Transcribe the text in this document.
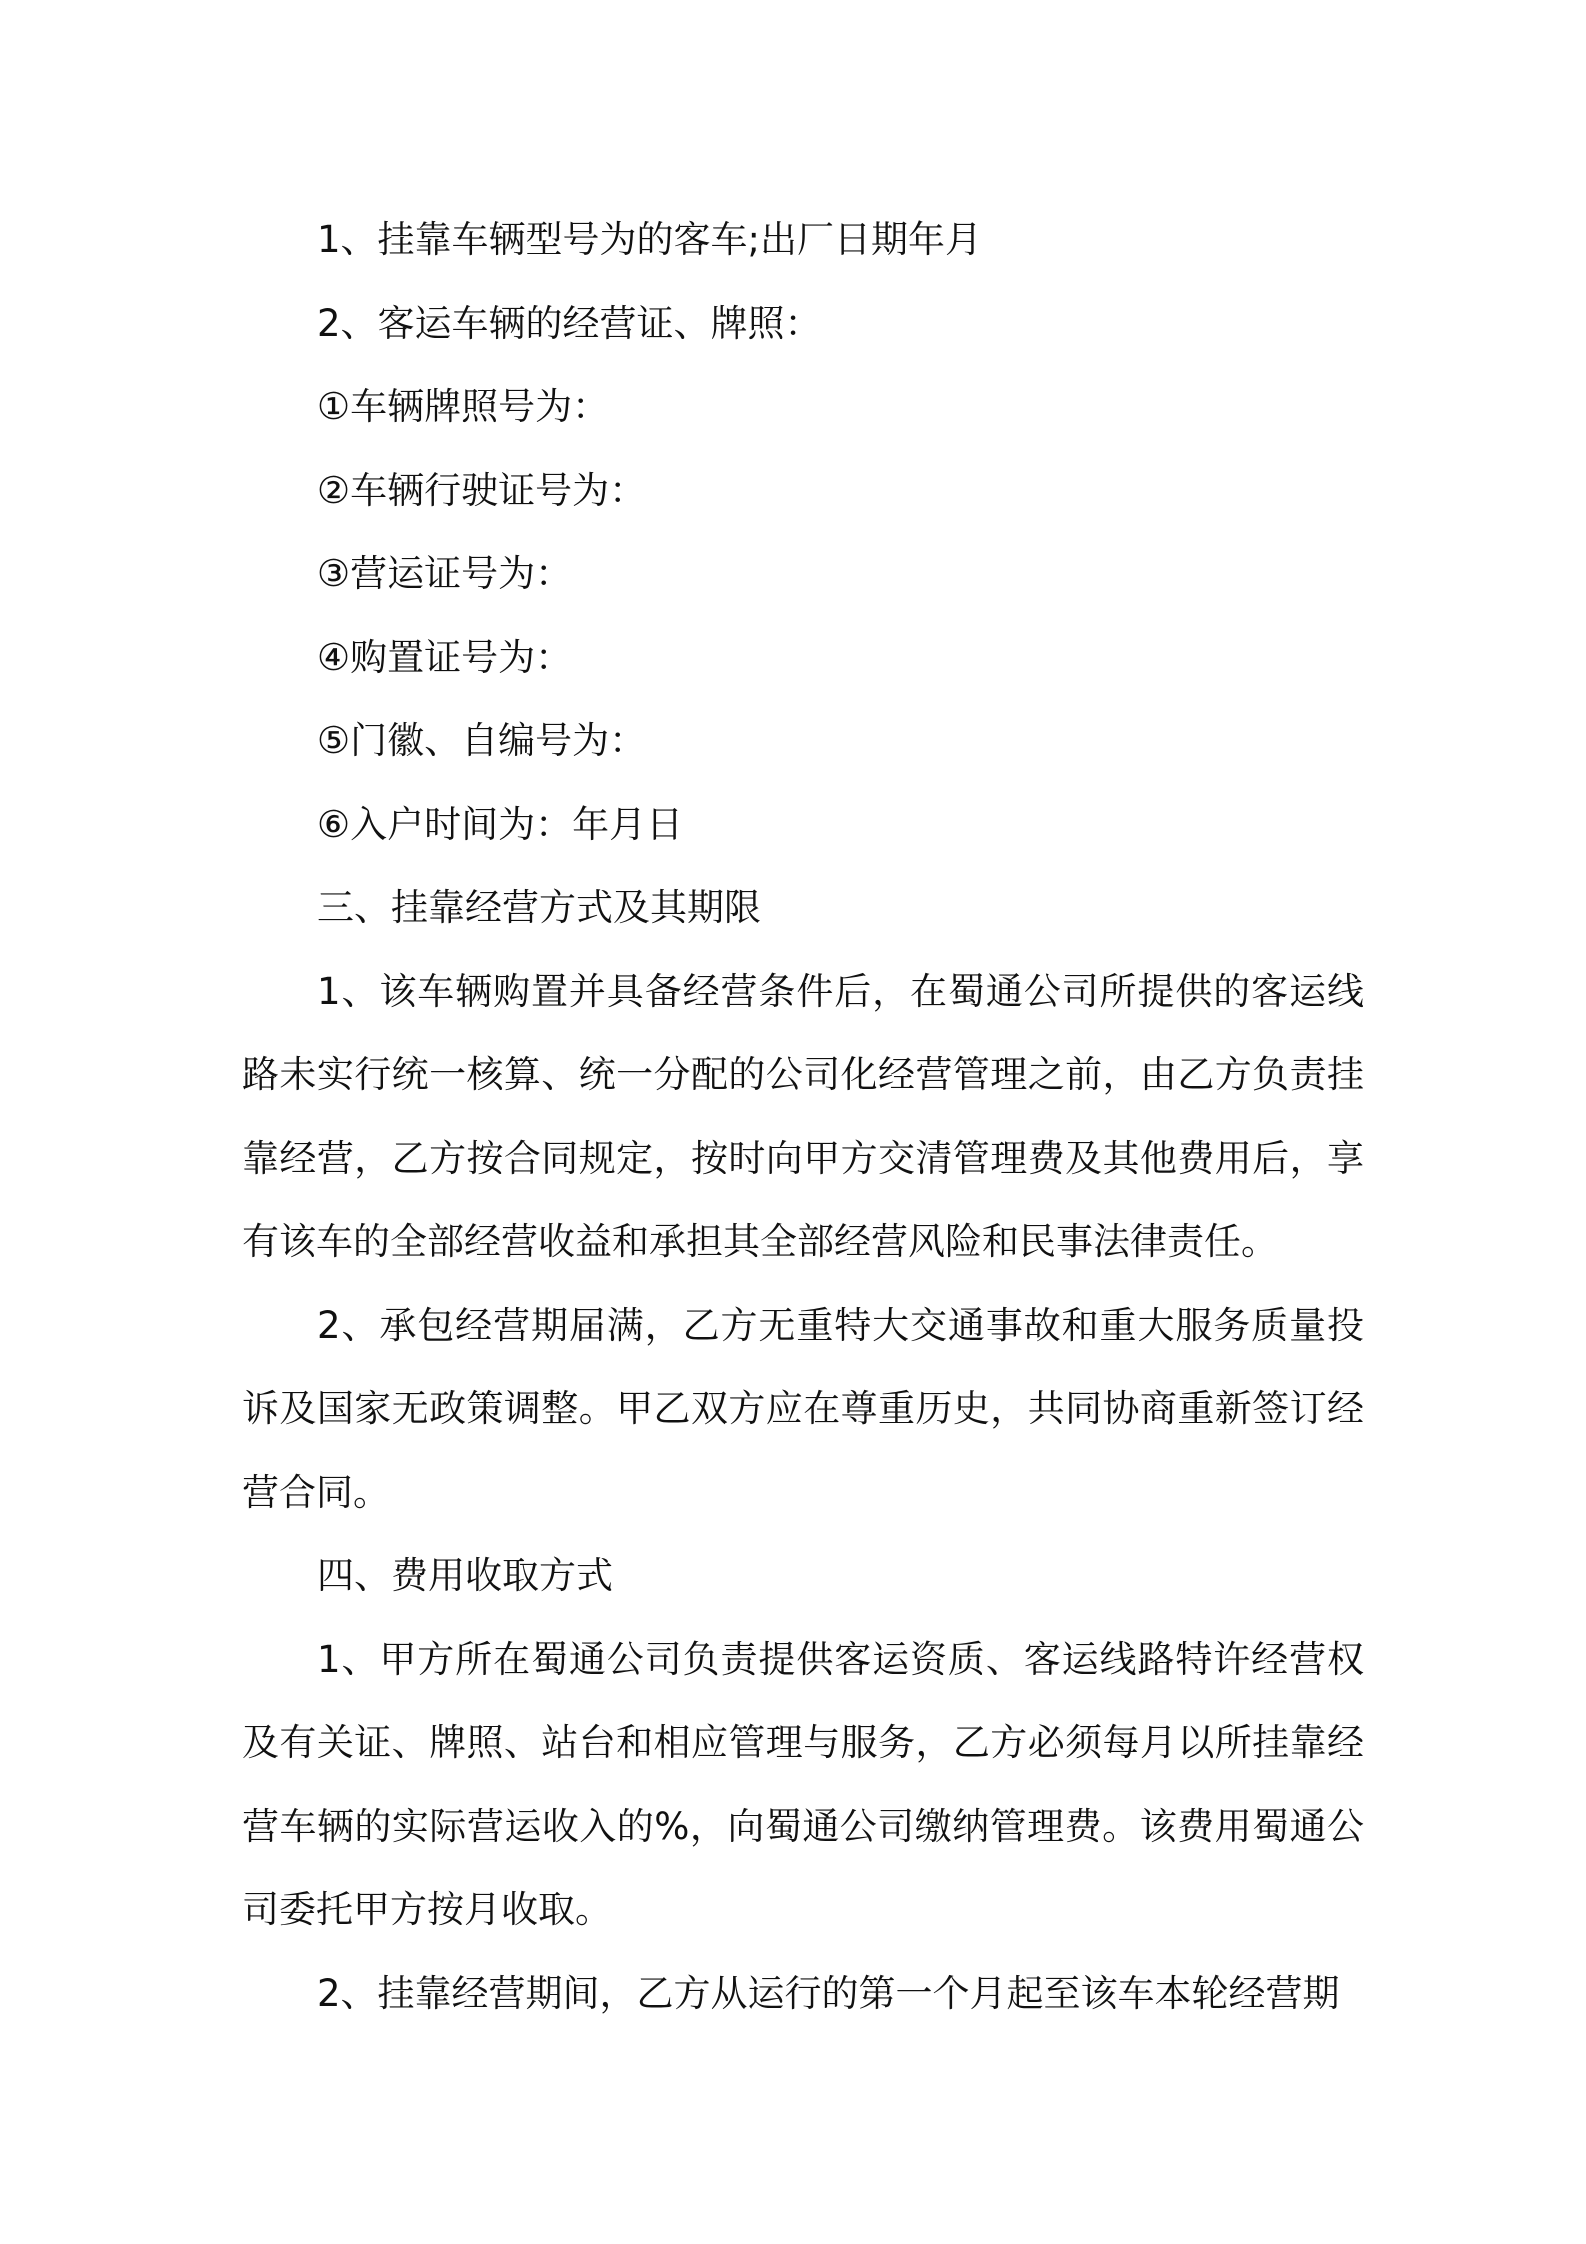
1、挂靠车辆型号为的客车;出厂日期年月
2、客运车辆的经营证、牌照：
①车辆牌照号为：
②车辆行驶证号为：
③营运证号为：
④购置证号为：
⑤门徽、自编号为：
⑥入户时间为：年月日
三、挂靠经营方式及其期限
1、该车辆购置并具备经营条件后，在蜀通公司所提供的客运线路未实行统一核算、统一分配的公司化经营管理之前，由乙方负责挂靠经营，乙方按合同规定，按时向甲方交清管理费及其他费用后，享有该车的全部经营收益和承担其全部经营风险和民事法律责任。
2、承包经营期届满，乙方无重特大交通事故和重大服务质量投诉及国家无政策调整。甲乙双方应在尊重历史，共同协商重新签订经营合同。
四、费用收取方式
1、甲方所在蜀通公司负责提供客运资质、客运线路特许经营权及有关证、牌照、站台和相应管理与服务，乙方必须每月以所挂靠经营车辆的实际营运收入的%，向蜀通公司缴纳管理费。该费用蜀通公司委托甲方按月收取。
2、挂靠经营期间，乙方从运行的第一个月起至该车本轮经营期
